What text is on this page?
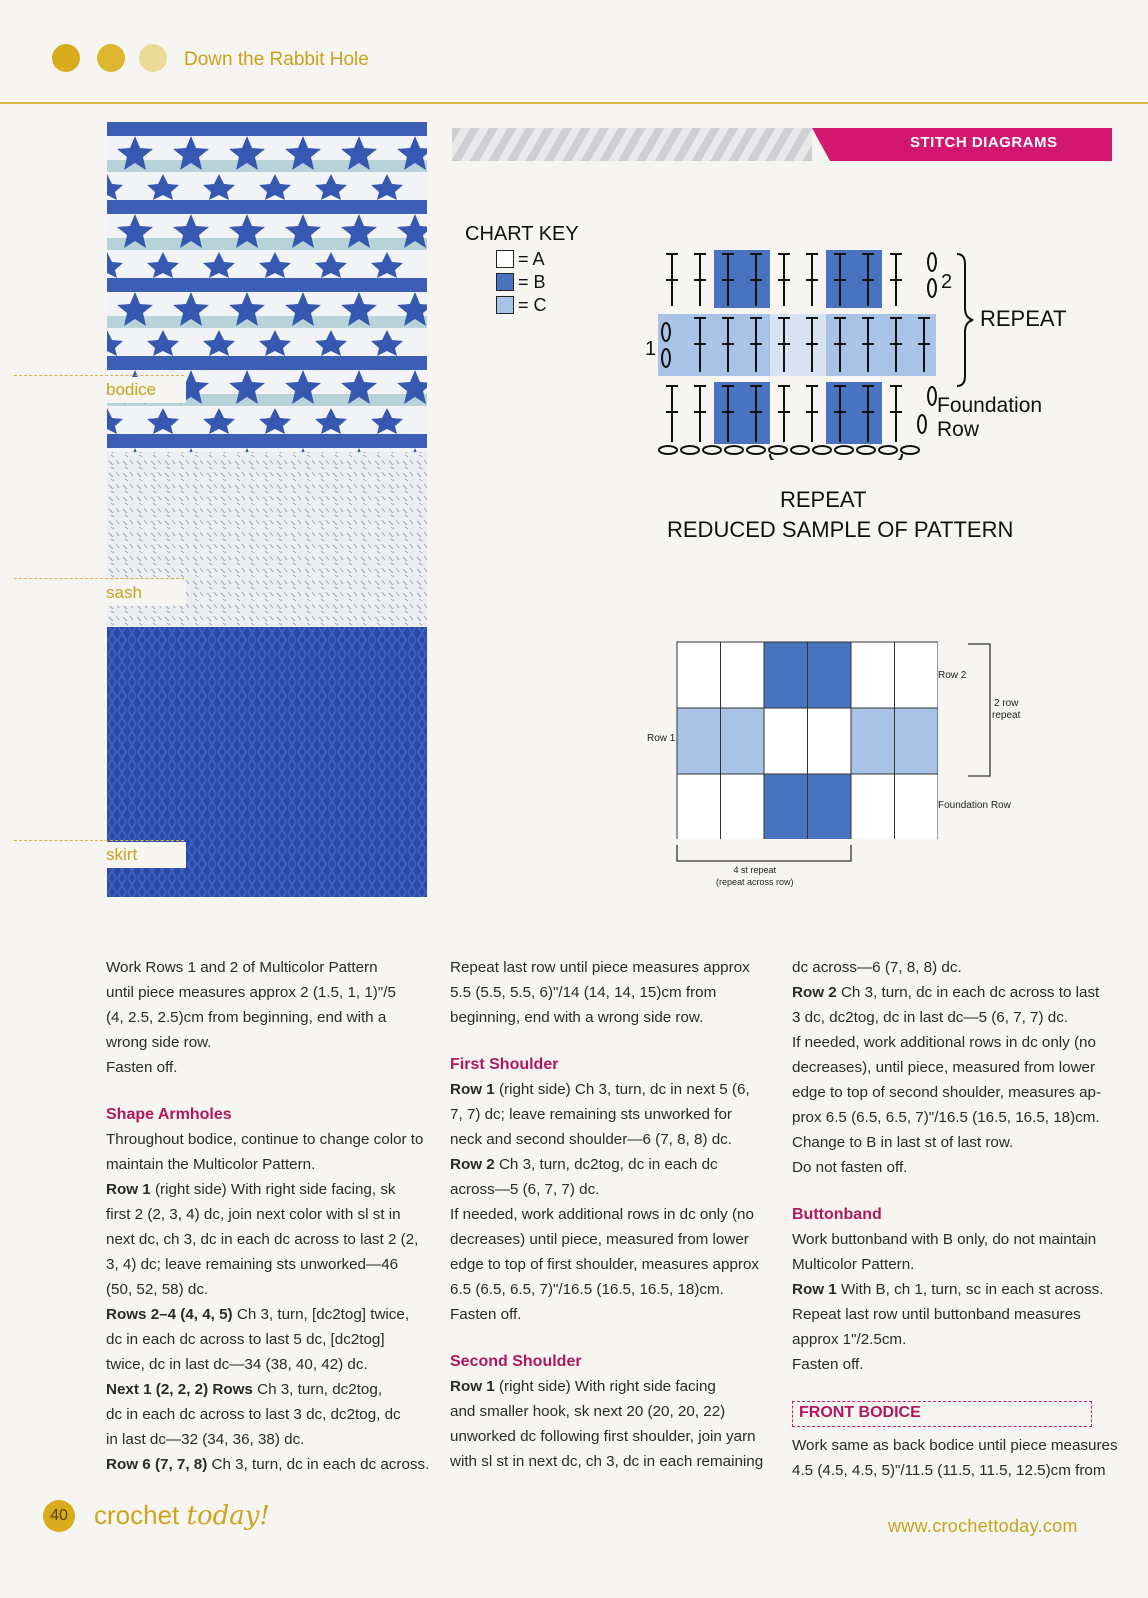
Down the Rabbit Hole
STITCH DIAGRAMS
bodice
sash
skirt
CHART KEY
= A
= B
= C
2
1
REPEAT
Foundation
Row
REPEAT
REDUCED SAMPLE OF PATTERN
Row 2
Row 1
Foundation Row
2 row
repeat
4 st repeat
(repeat across row)

Work Rows 1 and 2 of Multicolor Pattern

until piece measures approx 2 (1.5, 1, 1)"/5

(4, 2.5, 2.5)cm from beginning, end with a

wrong side row.

Fasten off.

Shape Armholes

Throughout bodice, continue to change color to

maintain the Multicolor Pattern.

Row 1 (right side) With right side facing, sk

first 2 (2, 3, 4) dc, join next color with sl st in

next dc, ch 3, dc in each dc across to last 2 (2,

3, 4) dc; leave remaining sts unworked—46

(50, 52, 58) dc.

Rows 2–4 (4, 4, 5) Ch 3, turn, [dc2tog] twice,

dc in each dc across to last 5 dc, [dc2tog]

twice, dc in last dc—34 (38, 40, 42) dc.

Next 1 (2, 2, 2) Rows Ch 3, turn, dc2tog,

dc in each dc across to last 3 dc, dc2tog, dc

in last dc—32 (34, 36, 38) dc.

Row 6 (7, 7, 8) Ch 3, turn, dc in each dc across.

Repeat last row until piece measures approx

5.5 (5.5, 5.5, 6)"/14 (14, 14, 15)cm from

beginning, end with a wrong side row.

First Shoulder

Row 1 (right side) Ch 3, turn, dc in next 5 (6,

7, 7) dc; leave remaining sts unworked for

neck and second shoulder—6 (7, 8, 8) dc.

Row 2 Ch 3, turn, dc2tog, dc in each dc

across—5 (6, 7, 7) dc.

If needed, work additional rows in dc only (no

decreases) until piece, measured from lower

edge to top of first shoulder, measures approx

6.5 (6.5, 6.5, 7)"/16.5 (16.5, 16.5, 18)cm.

Fasten off.

Second Shoulder

Row 1 (right side) With right side facing

and smaller hook, sk next 20 (20, 20, 22)

unworked dc following first shoulder, join yarn

with sl st in next dc, ch 3, dc in each remaining

dc across—6 (7, 8, 8) dc.

Row 2 Ch 3, turn, dc in each dc across to last

3 dc, dc2tog, dc in last dc—5 (6, 7, 7) dc.

If needed, work additional rows in dc only (no

decreases), until piece, measured from lower

edge to top of second shoulder, measures ap-

prox 6.5 (6.5, 6.5, 7)"/16.5 (16.5, 16.5, 18)cm.

Change to B in last st of last row.

Do not fasten off.

Buttonband

Work buttonband with B only, do not maintain

Multicolor Pattern.

Row 1 With B, ch 1, turn, sc in each st across.

Repeat last row until buttonband measures

approx 1"/2.5cm.

Fasten off.

FRONT BODICE

Work same as back bodice until piece measures

4.5 (4.5, 4.5, 5)"/11.5 (11.5, 11.5, 12.5)cm from

40 crochet today!	www.crochettoday.com
